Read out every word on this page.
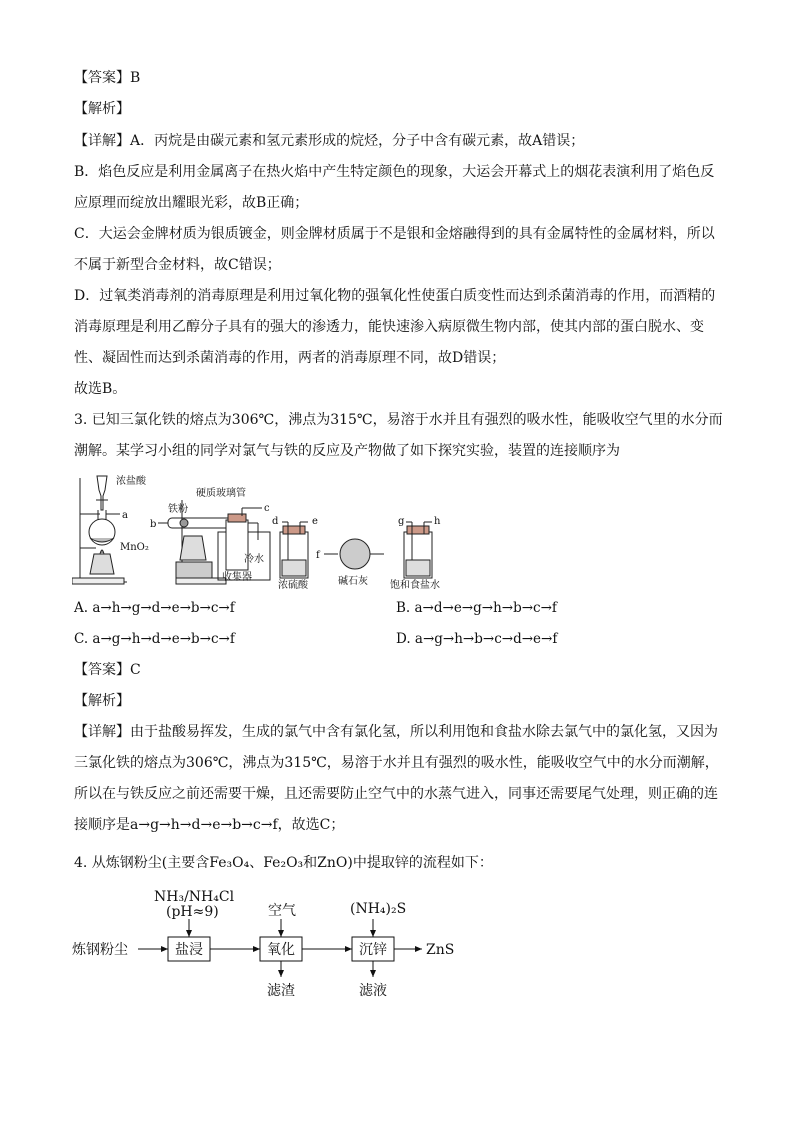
【答案】B
【解析】
【详解】A．丙烷是由碳元素和氢元素形成的烷烃，分子中含有碳元素，故A错误；
B．焰色反应是利用金属离子在热火焰中产生特定颜色的现象，大运会开幕式上的烟花表演利用了焰色反
应原理而绽放出耀眼光彩，故B正确；
C．大运会金牌材质为银质镀金，则金牌材质属于不是银和金熔融得到的具有金属特性的金属材料，所以
不属于新型合金材料，故C错误；
D．过氧类消毒剂的消毒原理是利用过氧化物的强氧化性使蛋白质变性而达到杀菌消毒的作用，而酒精的
消毒原理是利用乙醇分子具有的强大的渗透力，能快速渗入病原微生物内部，使其内部的蛋白脱水、变
性、凝固性而达到杀菌消毒的作用，两者的消毒原理不同，故D错误；
故选B。
3. 已知三氯化铁的熔点为306℃，沸点为315℃，易溶于水并且有强烈的吸水性，能吸收空气里的水分而
潮解。某学习小组的同学对氯气与铁的反应及产物做了如下探究实验，装置的连接顺序为
浓盐酸
a
MnO₂
硬质玻璃管
铁粉
b
c
冷水
收集器
d	e
浓硫酸
f
碱石灰
g	h
饱和食盐水
A. a→h→g→d→e→b→c→f	B. a→d→e→g→h→b→c→f
C. a→g→h→d→e→b→c→f	D. a→g→h→b→c→d→e→f
【答案】C
【解析】
【详解】由于盐酸易挥发，生成的氯气中含有氯化氢，所以利用饱和食盐水除去氯气中的氯化氢，又因为
三氯化铁的熔点为306℃，沸点为315℃，易溶于水并且有强烈的吸水性，能吸收空气中的水分而潮解，
所以在与铁反应之前还需要干燥，且还需要防止空气中的水蒸气进入，同事还需要尾气处理，则正确的连
接顺序是a→g→h→d→e→b→c→f，故选C；
4. 从炼钢粉尘(主要含Fe₃O₄、Fe₂O₃和ZnO)中提取锌的流程如下：
炼钢粉尘	盐浸	氧化	沉锌	ZnS
NH₃/NH₄Cl
(pH≈9)	空气	(NH₄)₂S
滤渣	滤液
